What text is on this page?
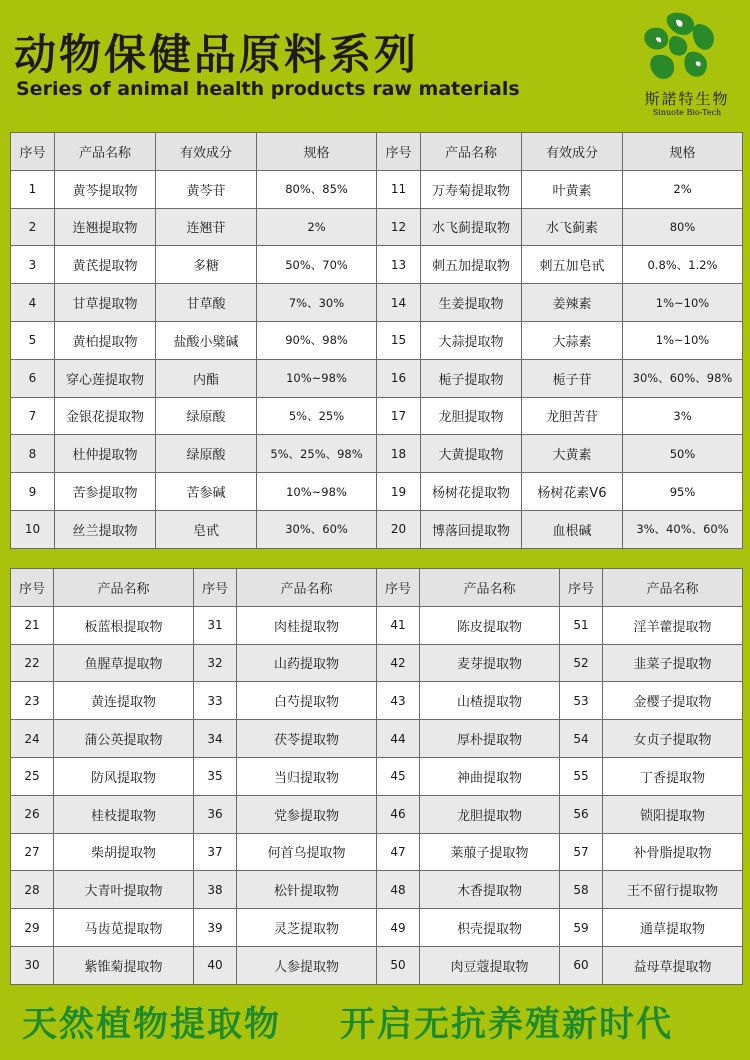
动物保健品原料系列
Series of animal health products raw materials	斯諾特生物
Sinuote Bio-Tech
序号	产品名称	有效成分	规格	序号	产品名称	有效成分	规格
1	黄芩提取物	黄芩苷	80%、85%	11	万寿菊提取物	叶黄素	2%
2	连翘提取物	连翘苷	2%	12	水飞蓟提取物	水飞蓟素	80%
3	黄芪提取物	多糖	50%、70%	13	刺五加提取物	刺五加皂甙	0.8%、1.2%
4	甘草提取物	甘草酸	7%、30%	14	生姜提取物	姜辣素	1%~10%
5	黄柏提取物	盐酸小檗碱	90%、98%	15	大蒜提取物	大蒜素	1%~10%
6	穿心莲提取物	内酯	10%~98%	16	栀子提取物	栀子苷	30%、60%、98%
7	金银花提取物	绿原酸	5%、25%	17	龙胆提取物	龙胆苦苷	3%
8	杜仲提取物	绿原酸	5%、25%、98%	18	大黄提取物	大黄素	50%
9	苦参提取物	苦参碱	10%~98%	19	杨树花提取物	杨树花素V6	95%
10	丝兰提取物	皂甙	30%、60%	20	博落回提取物	血根碱	3%、40%、60%
序号	产品名称	序号	产品名称	序号	产品名称	序号	产品名称
21	板蓝根提取物	31	肉桂提取物	41	陈皮提取物	51	淫羊藿提取物
22	鱼腥草提取物	32	山药提取物	42	麦芽提取物	52	韭菜子提取物
23	黄连提取物	33	白芍提取物	43	山楂提取物	53	金樱子提取物
24	蒲公英提取物	34	茯苓提取物	44	厚朴提取物	54	女贞子提取物
25	防风提取物	35	当归提取物	45	神曲提取物	55	丁香提取物
26	桂枝提取物	36	党参提取物	46	龙胆提取物	56	锁阳提取物
27	柴胡提取物	37	何首乌提取物	47	莱菔子提取物	57	补骨脂提取物
28	大青叶提取物	38	松针提取物	48	木香提取物	58	王不留行提取物
29	马齿苋提取物	39	灵芝提取物	49	枳壳提取物	59	通草提取物
30	紫锥菊提取物	40	人参提取物	50	肉豆蔻提取物	60	益母草提取物
天然植物提取物 开启无抗养殖新时代
